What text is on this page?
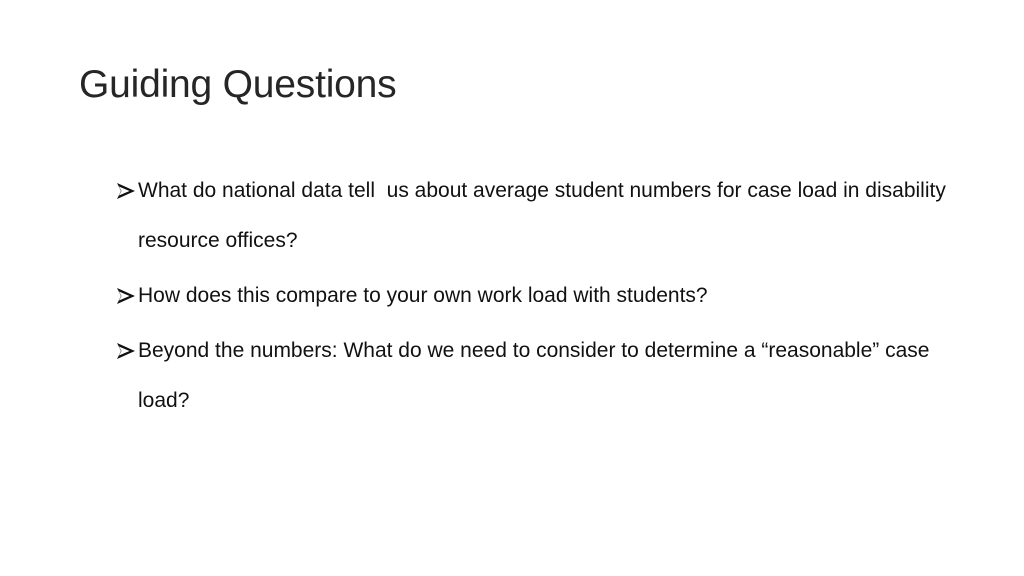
Guiding Questions
What do national data tell  us about average student numbers for case load in disability resource offices?
How does this compare to your own work load with students?
Beyond the numbers: What do we need to consider to determine a “reasonable” case load?
